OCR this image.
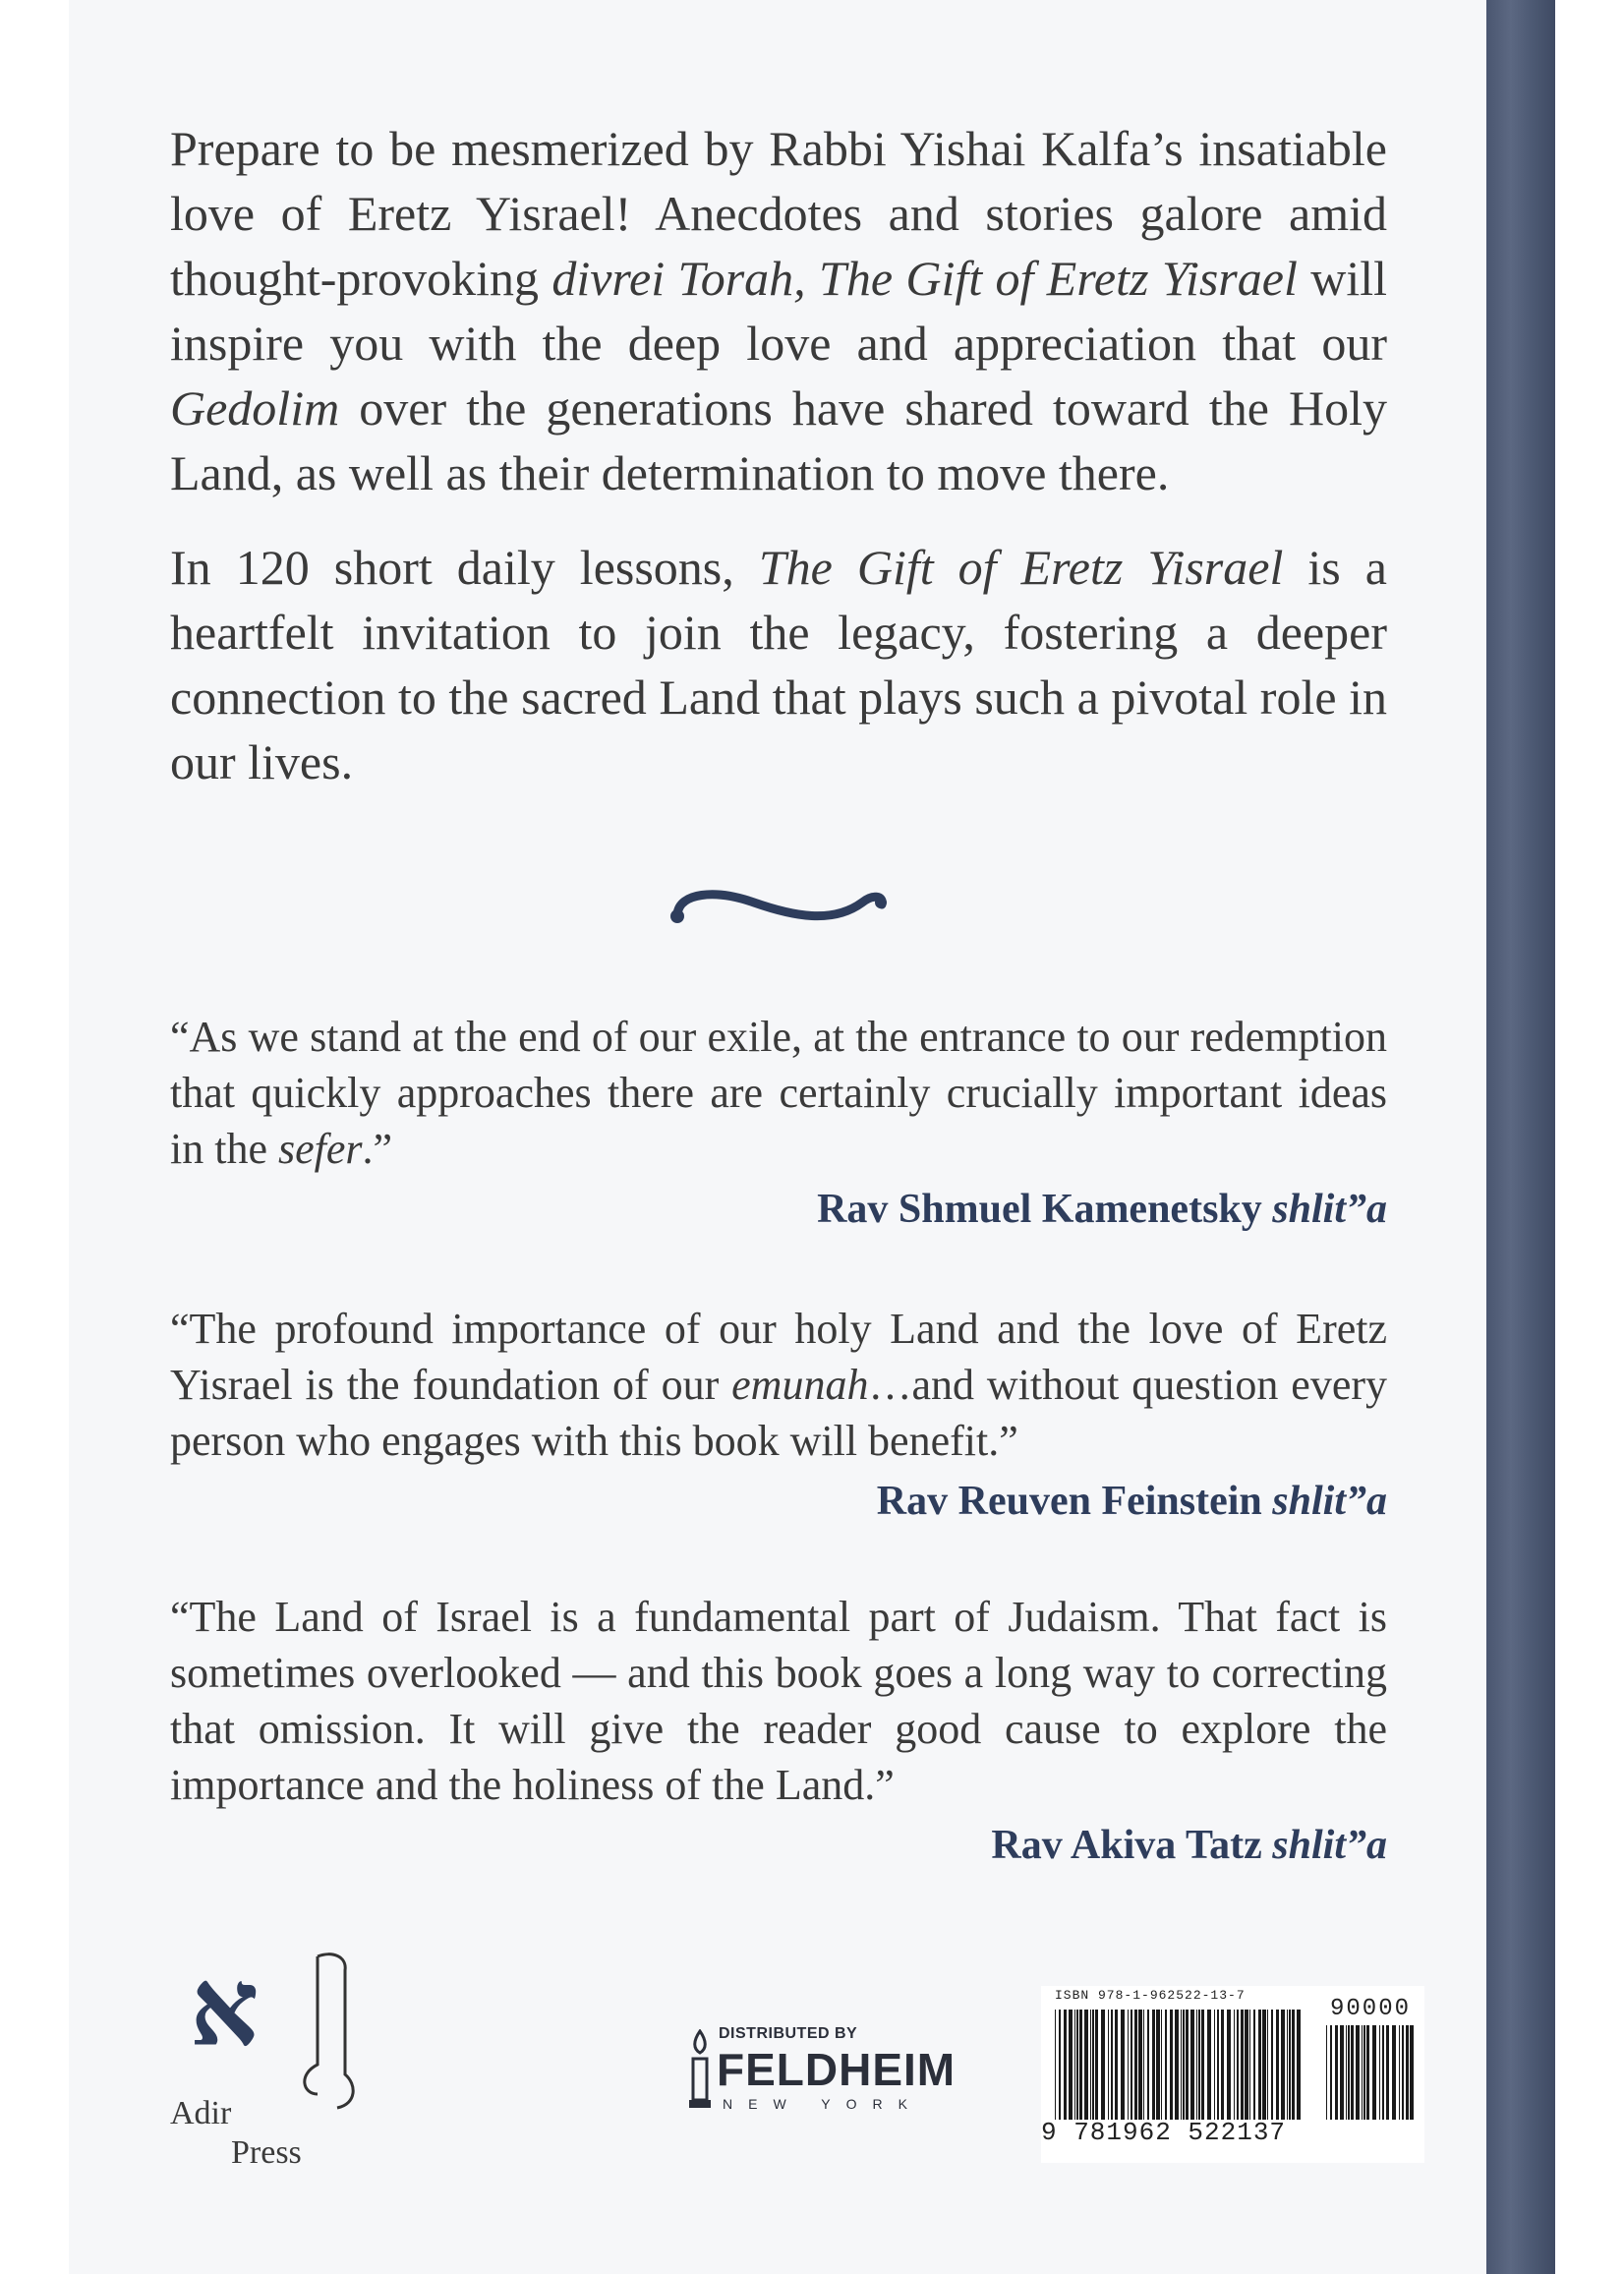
Prepare to be mesmerized by Rabbi Yishai Kalfa’s insatiable love of Eretz Yisrael! Anecdotes and stories galore amid thought-provoking divrei Torah, The Gift of Eretz Yisrael will inspire you with the deep love and appreciation that our Gedolim over the generations have shared toward the Holy Land, as well as their determination to move there.

In 120 short daily lessons, The Gift of Eretz Yisrael is a heartfelt invitation to join the legacy, fostering a deeper connection to the sacred Land that plays such a pivotal role in our lives.

“As we stand at the end of our exile, at the entrance to our redemption that quickly approaches there are certainly crucially important ideas in the sefer.”

Rav Shmuel Kamenetsky shlit”a

“The profound importance of our holy Land and the love of Eretz Yisrael is the foundation of our emunah…and without question every person who engages with this book will benefit.”

Rav Reuven Feinstein shlit”a

“The Land of Israel is a fundamental part of Judaism. That fact is sometimes overlooked — and this book goes a long way to correcting that omission. It will give the reader good cause to explore the importance and the holiness of the Land.”

Rav Akiva Tatz shlit”a

א
Adir
Press
DISTRIBUTED BY
FELDHEIM
NEW YORK
ISBN 978-1-962522-13-7
90000
9 781962 522137
